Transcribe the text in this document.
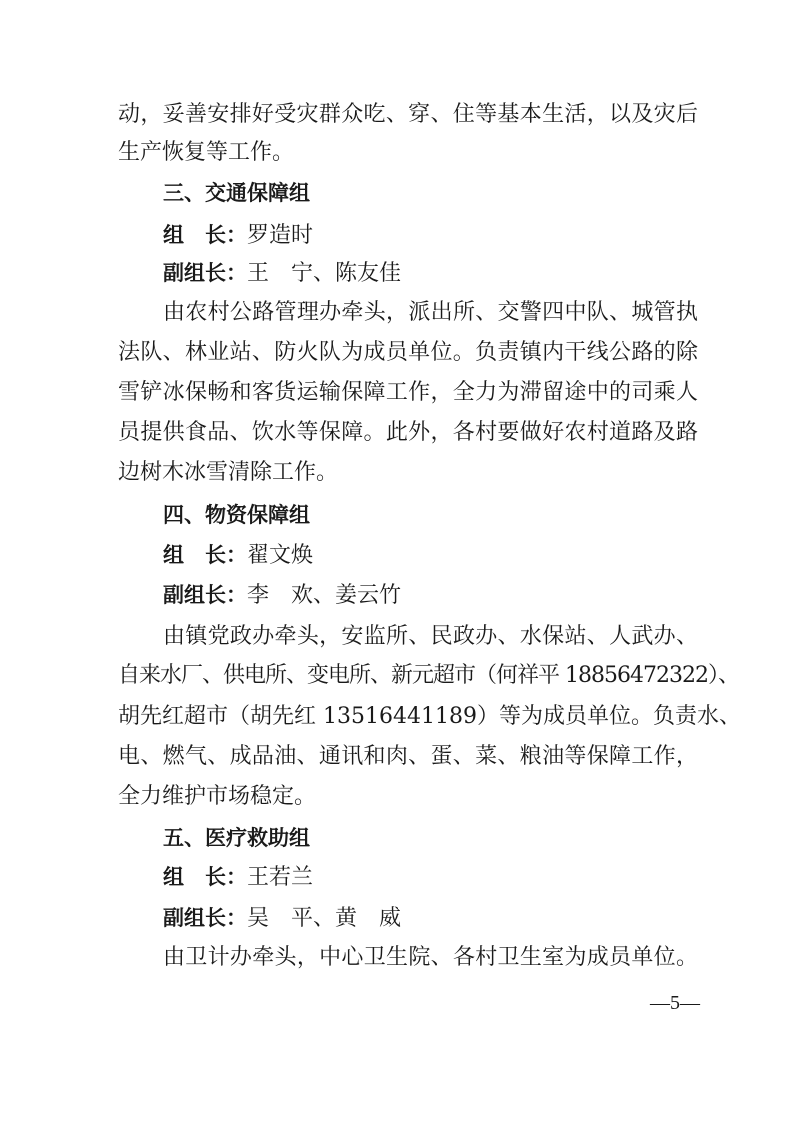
动，妥善安排好受灾群众吃、穿、住等基本生活，以及灾后
生产恢复等工作。
三、交通保障组
组　长：罗造时
副组长：王　宁、陈友佳
由农村公路管理办牵头，派出所、交警四中队、城管执
法队、林业站、防火队为成员单位。负责镇内干线公路的除
雪铲冰保畅和客货运输保障工作，全力为滞留途中的司乘人
员提供食品、饮水等保障。此外，各村要做好农村道路及路
边树木冰雪清除工作。
四、物资保障组
组　长：翟文焕
副组长：李　欢、姜云竹
由镇党政办牵头，安监所、民政办、水保站、人武办、
自来水厂、供电所、变电所、新元超市（何祥平 18856472322）、
胡先红超市（胡先红 13516441189）等为成员单位。负责水、
电、燃气、成品油、通讯和肉、蛋、菜、粮油等保障工作，
全力维护市场稳定。
五、医疗救助组
组　长：王若兰
副组长：吴　平、黄　威
由卫计办牵头，中心卫生院、各村卫生室为成员单位。
—5—
